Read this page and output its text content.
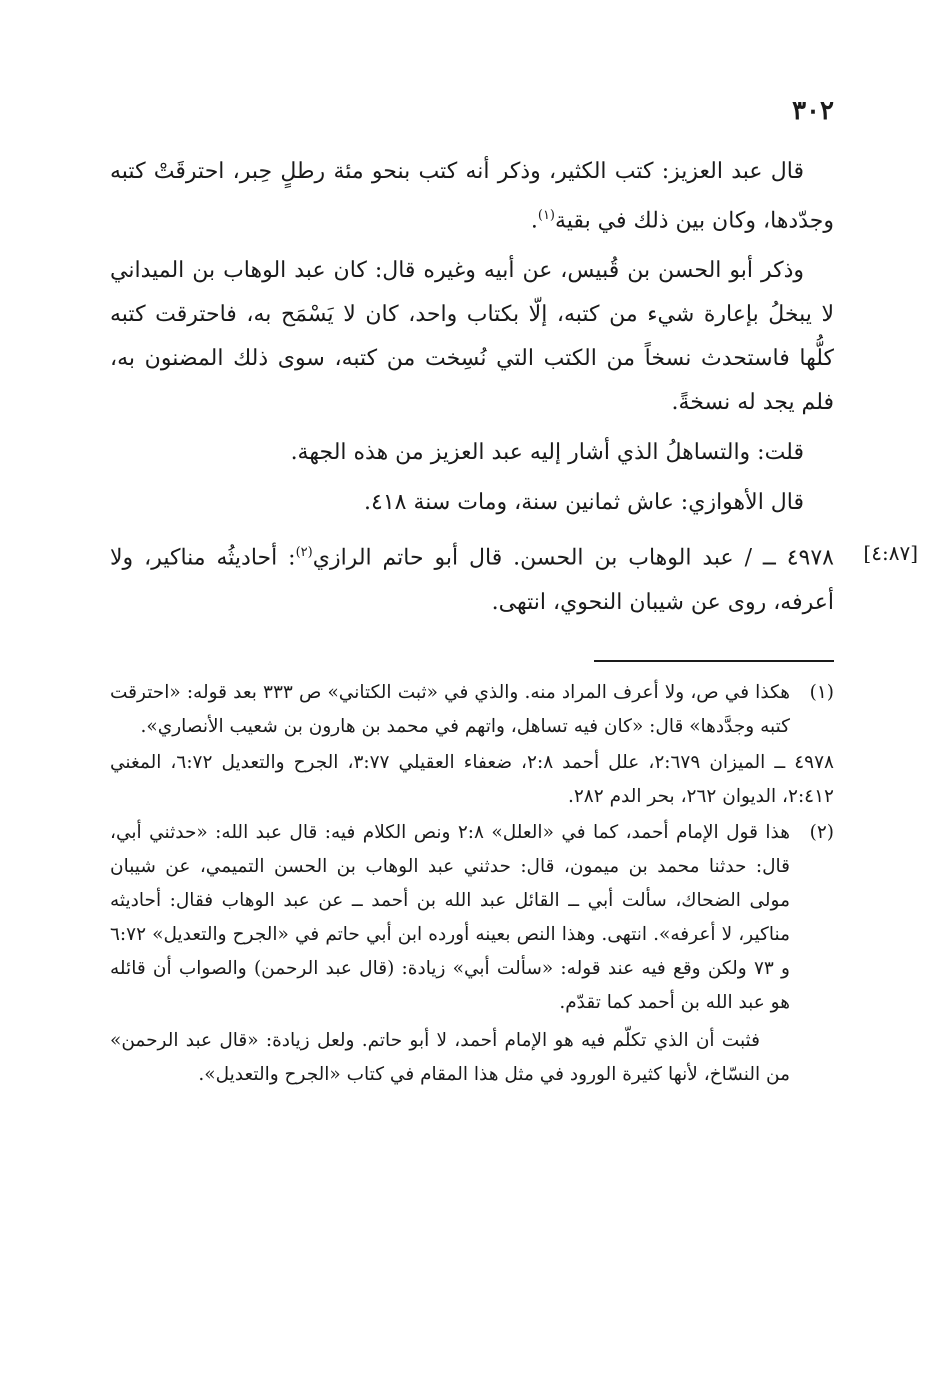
٣٠٢

قال عبد العزيز: كتب الكثير، وذكر أنه كتب بنحو مئة رطلٍ حِبر، احترقَتْ كتبه وجدّدها، وكان بين ذلك في بقية$^{(١)}$.

وذكر أبو الحسن بن قُبيس، عن أبيه وغيره قال: كان عبد الوهاب بن الميداني لا يبخلُ بإعارة شيء من كتبه، إلّا بكتاب واحد، كان لا يَسْمَح به، فاحترقت كتبه كلُّها فاستحدث نسخاً من الكتب التي نُسِخت من كتبه، سوى ذلك المضنون به، فلم يجد له نسخةً.

قلت: والتساهلُ الذي أشار إليه عبد العزيز من هذه الجهة.

قال الأهوازي: عاش ثمانين سنة، ومات سنة ٤١٨.

[٤:٨٧]
٤٩٧٨ ــ / عبد الوهاب بن الحسن. قال أبو حاتم الرازي$^{(٢)}$: أحاديثُه مناكير، ولا أعرفه، روى عن شيبان النحوي، انتهى.

(١)
هكذا في ص، ولا أعرف المراد منه. والذي في «ثبت الكتاني» ص ٣٣٣ بعد قوله: «احترقت كتبه وجدَّدها» قال: «كان فيه تساهل، واتهم في محمد بن هارون بن شعيب الأنصاري».
٤٩٧٨ ــ الميزان ٢:٦٧٩، علل أحمد ٢:٨، ضعفاء العقيلي ٣:٧٧، الجرح والتعديل ٦:٧٢، المغني ٢:٤١٢، الديوان ٢٦٢، بحر الدم ٢٨٢.
(٢)
هذا قول الإمام أحمد، كما في «العلل» ٢:٨ ونص الكلام فيه: قال عبد الله: «حدثني أبي، قال: حدثنا محمد بن ميمون، قال: حدثني عبد الوهاب بن الحسن التميمي، عن شيبان مولى الضحاك، سألت أبي ــ القائل عبد الله بن أحمد ــ عن عبد الوهاب فقال: أحاديثه مناكير، لا أعرفه». انتهى. وهذا النص بعينه أورده ابن أبي حاتم في «الجرح والتعديل» ٦:٧٢ و ٧٣ ولكن وقع فيه عند قوله: «سألت أبي» زيادة: (قال عبد الرحمن) والصواب أن قائله هو عبد الله بن أحمد كما تقدّم.
فثبت أن الذي تكلّم فيه هو الإمام أحمد، لا أبو حاتم. ولعل زيادة: «قال عبد الرحمن» من النسّاخ، لأنها كثيرة الورود في مثل هذا المقام في كتاب «الجرح والتعديل».
